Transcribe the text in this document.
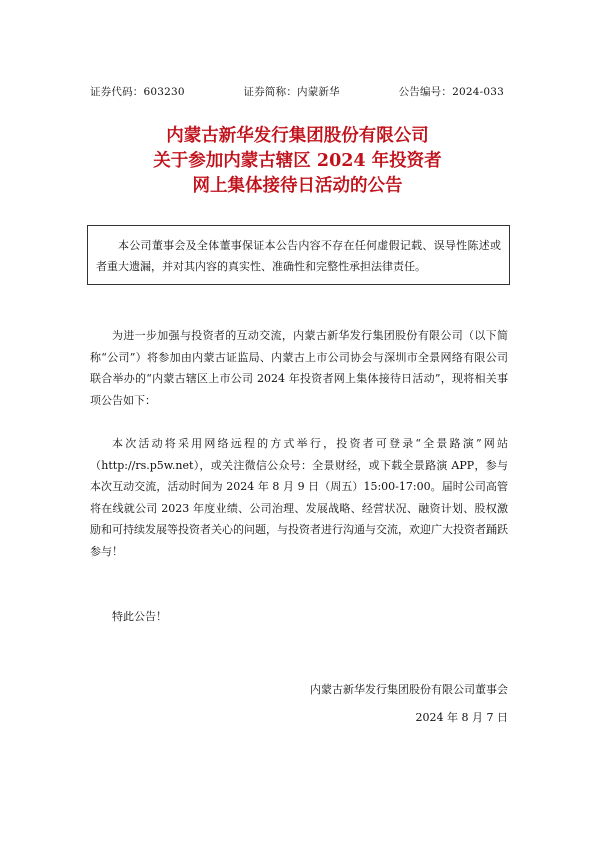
证券代码：603230	证券简称：内蒙新华	公告编号：2024-033
内蒙古新华发行集团股份有限公司
关于参加内蒙古辖区 2024 年投资者
网上集体接待日活动的公告
本公司董事会及全体董事保证本公告内容不存在任何虚假记载、误导性陈述或者重大遗漏，并对其内容的真实性、准确性和完整性承担法律责任。
为进一步加强与投资者的互动交流，内蒙古新华发行集团股份有限公司（以下简称“公司”）将参加由内蒙古证监局、内蒙古上市公司协会与深圳市全景网络有限公司联合举办的“内蒙古辖区上市公司 2024 年投资者网上集体接待日活动”，现将相关事项公告如下：
本次活动将采用网络远程的方式举行，投资者可登录“全景路演”网站（http://rs.p5w.net），或关注微信公众号：全景财经，或下载全景路演 APP，参与本次互动交流，活动时间为 2024 年 8 月 9 日（周五）15:00-17:00。届时公司高管将在线就公司 2023 年度业绩、公司治理、发展战略、经营状况、融资计划、股权激励和可持续发展等投资者关心的问题，与投资者进行沟通与交流，欢迎广大投资者踊跃参与！
特此公告！
内蒙古新华发行集团股份有限公司董事会
2024 年 8 月 7 日
